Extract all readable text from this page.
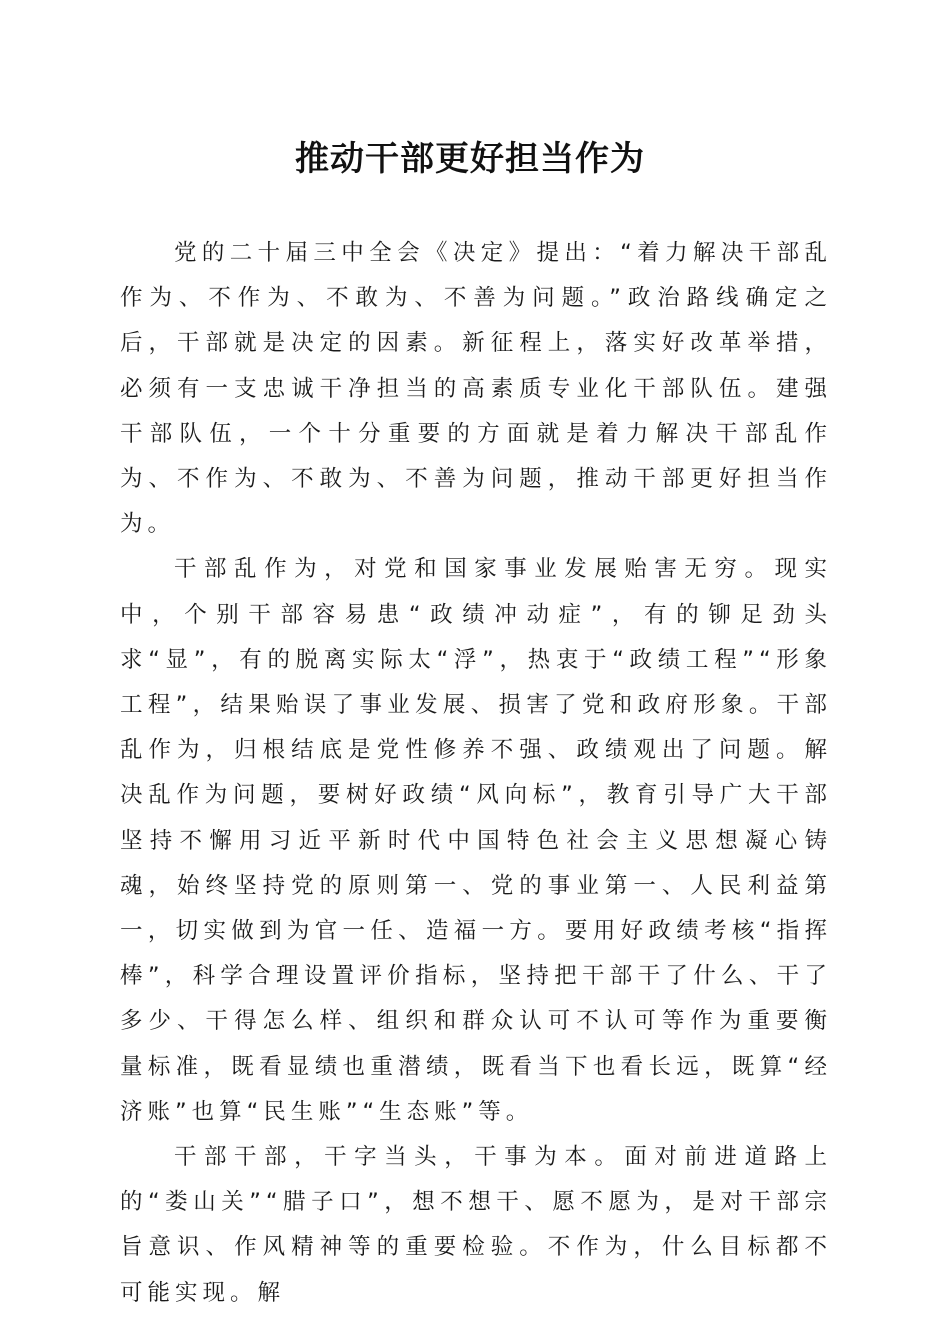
推动干部更好担当作为

党的二十届三中全会《决定》提出：“着力解决干部乱作为、不作为、不敢为、不善为问题。”政治路线确定之后，干部就是决定的因素。新征程上，落实好改革举措，必须有一支忠诚干净担当的高素质专业化干部队伍。建强干部队伍，一个十分重要的方面就是着力解决干部乱作为、不作为、不敢为、不善为问题，推动干部更好担当作为。

干部乱作为，对党和国家事业发展贻害无穷。现实中，个别干部容易患“政绩冲动症”，有的铆足劲头求“显”，有的脱离实际太“浮”，热衷于“政绩工程”“形象工程”，结果贻误了事业发展、损害了党和政府形象。干部乱作为，归根结底是党性修养不强、政绩观出了问题。解决乱作为问题，要树好政绩“风向标”，教育引导广大干部坚持不懈用习近平新时代中国特色社会主义思想凝心铸魂，始终坚持党的原则第一、党的事业第一、人民利益第一，切实做到为官一任、造福一方。要用好政绩考核“指挥棒”，科学合理设置评价指标，坚持把干部干了什么、干了多少、干得怎么样、组织和群众认可不认可等作为重要衡量标准，既看显绩也重潜绩，既看当下也看长远，既算“经济账”也算“民生账”“生态账”等。

干部干部，干字当头，干事为本。面对前进道路上的“娄山关”“腊子口”，想不想干、愿不愿为，是对干部宗旨意识、作风精神等的重要检验。不作为，什么目标都不可能实现。解
